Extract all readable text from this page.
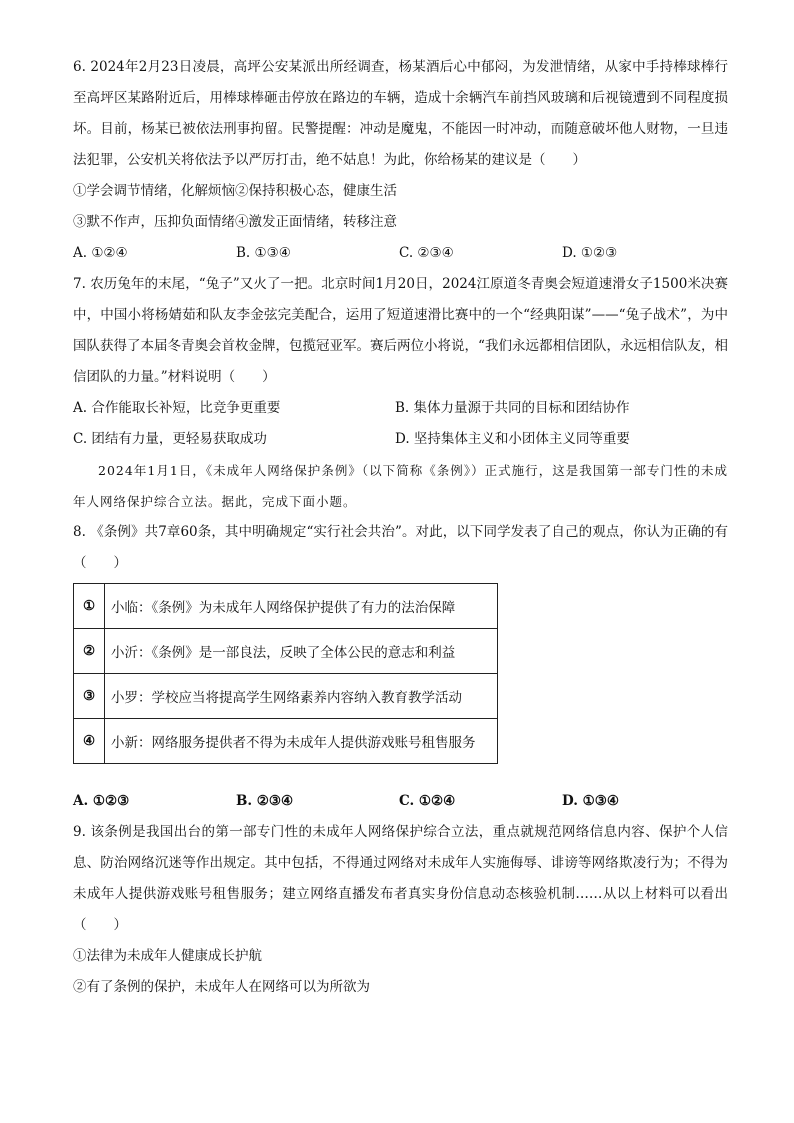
6. 2024年2月23日凌晨，高坪公安某派出所经调查，杨某酒后心中郁闷，为发泄情绪，从家中手持棒球棒行至高坪区某路附近后，用棒球棒砸击停放在路边的车辆，造成十余辆汽车前挡风玻璃和后视镜遭到不同程度损坏。目前，杨某已被依法刑事拘留。民警提醒：冲动是魔鬼，不能因一时冲动，而随意破坏他人财物，一旦违法犯罪，公安机关将依法予以严厉打击，绝不姑息！为此，你给杨某的建议是（　　）

①学会调节情绪，化解烦恼②保持积极心态，健康生活

③默不作声，压抑负面情绪④激发正面情绪，转移注意

A. ①②④	B. ①③④	C. ②③④	D. ①②③

7. 农历兔年的末尾，“兔子”又火了一把。北京时间1月20日，2024江原道冬青奥会短道速滑女子1500米决赛中，中国小将杨婧茹和队友李金弦完美配合，运用了短道速滑比赛中的一个“经典阳谋”——“兔子战术”，为中国队获得了本届冬青奥会首枚金牌，包揽冠亚军。赛后两位小将说，“我们永远都相信团队，永远相信队友，相信团队的力量。”材料说明（　　）

A. 合作能取长补短，比竞争更重要	B. 集体力量源于共同的目标和团结协作
C. 团结有力量，更轻易获取成功	D. 坚持集体主义和小团体主义同等重要

2024年1月1日，《未成年人网络保护条例》（以下简称《条例》）正式施行，这是我国第一部专门性的未成年人网络保护综合立法。据此，完成下面小题。

8. 《条例》共7章60条，其中明确规定“实行社会共治”。对此，以下同学发表了自己的观点，你认为正确的有（　　）

①	小临：《条例》为未成年人网络保护提供了有力的法治保障
②	小沂：《条例》是一部良法，反映了全体公民的意志和利益
③	小罗：学校应当将提高学生网络素养内容纳入教育教学活动
④	小新：网络服务提供者不得为未成年人提供游戏账号租售服务
A. ①②③	B. ②③④	C. ①②④	D. ①③④

9. 该条例是我国出台的第一部专门性的未成年人网络保护综合立法，重点就规范网络信息内容、保护个人信息、防治网络沉迷等作出规定。其中包括，不得通过网络对未成年人实施侮辱、诽谤等网络欺凌行为；不得为未成年人提供游戏账号租售服务；建立网络直播发布者真实身份信息动态核验机制……从以上材料可以看出（　　）

①法律为未成年人健康成长护航

②有了条例的保护，未成年人在网络可以为所欲为
